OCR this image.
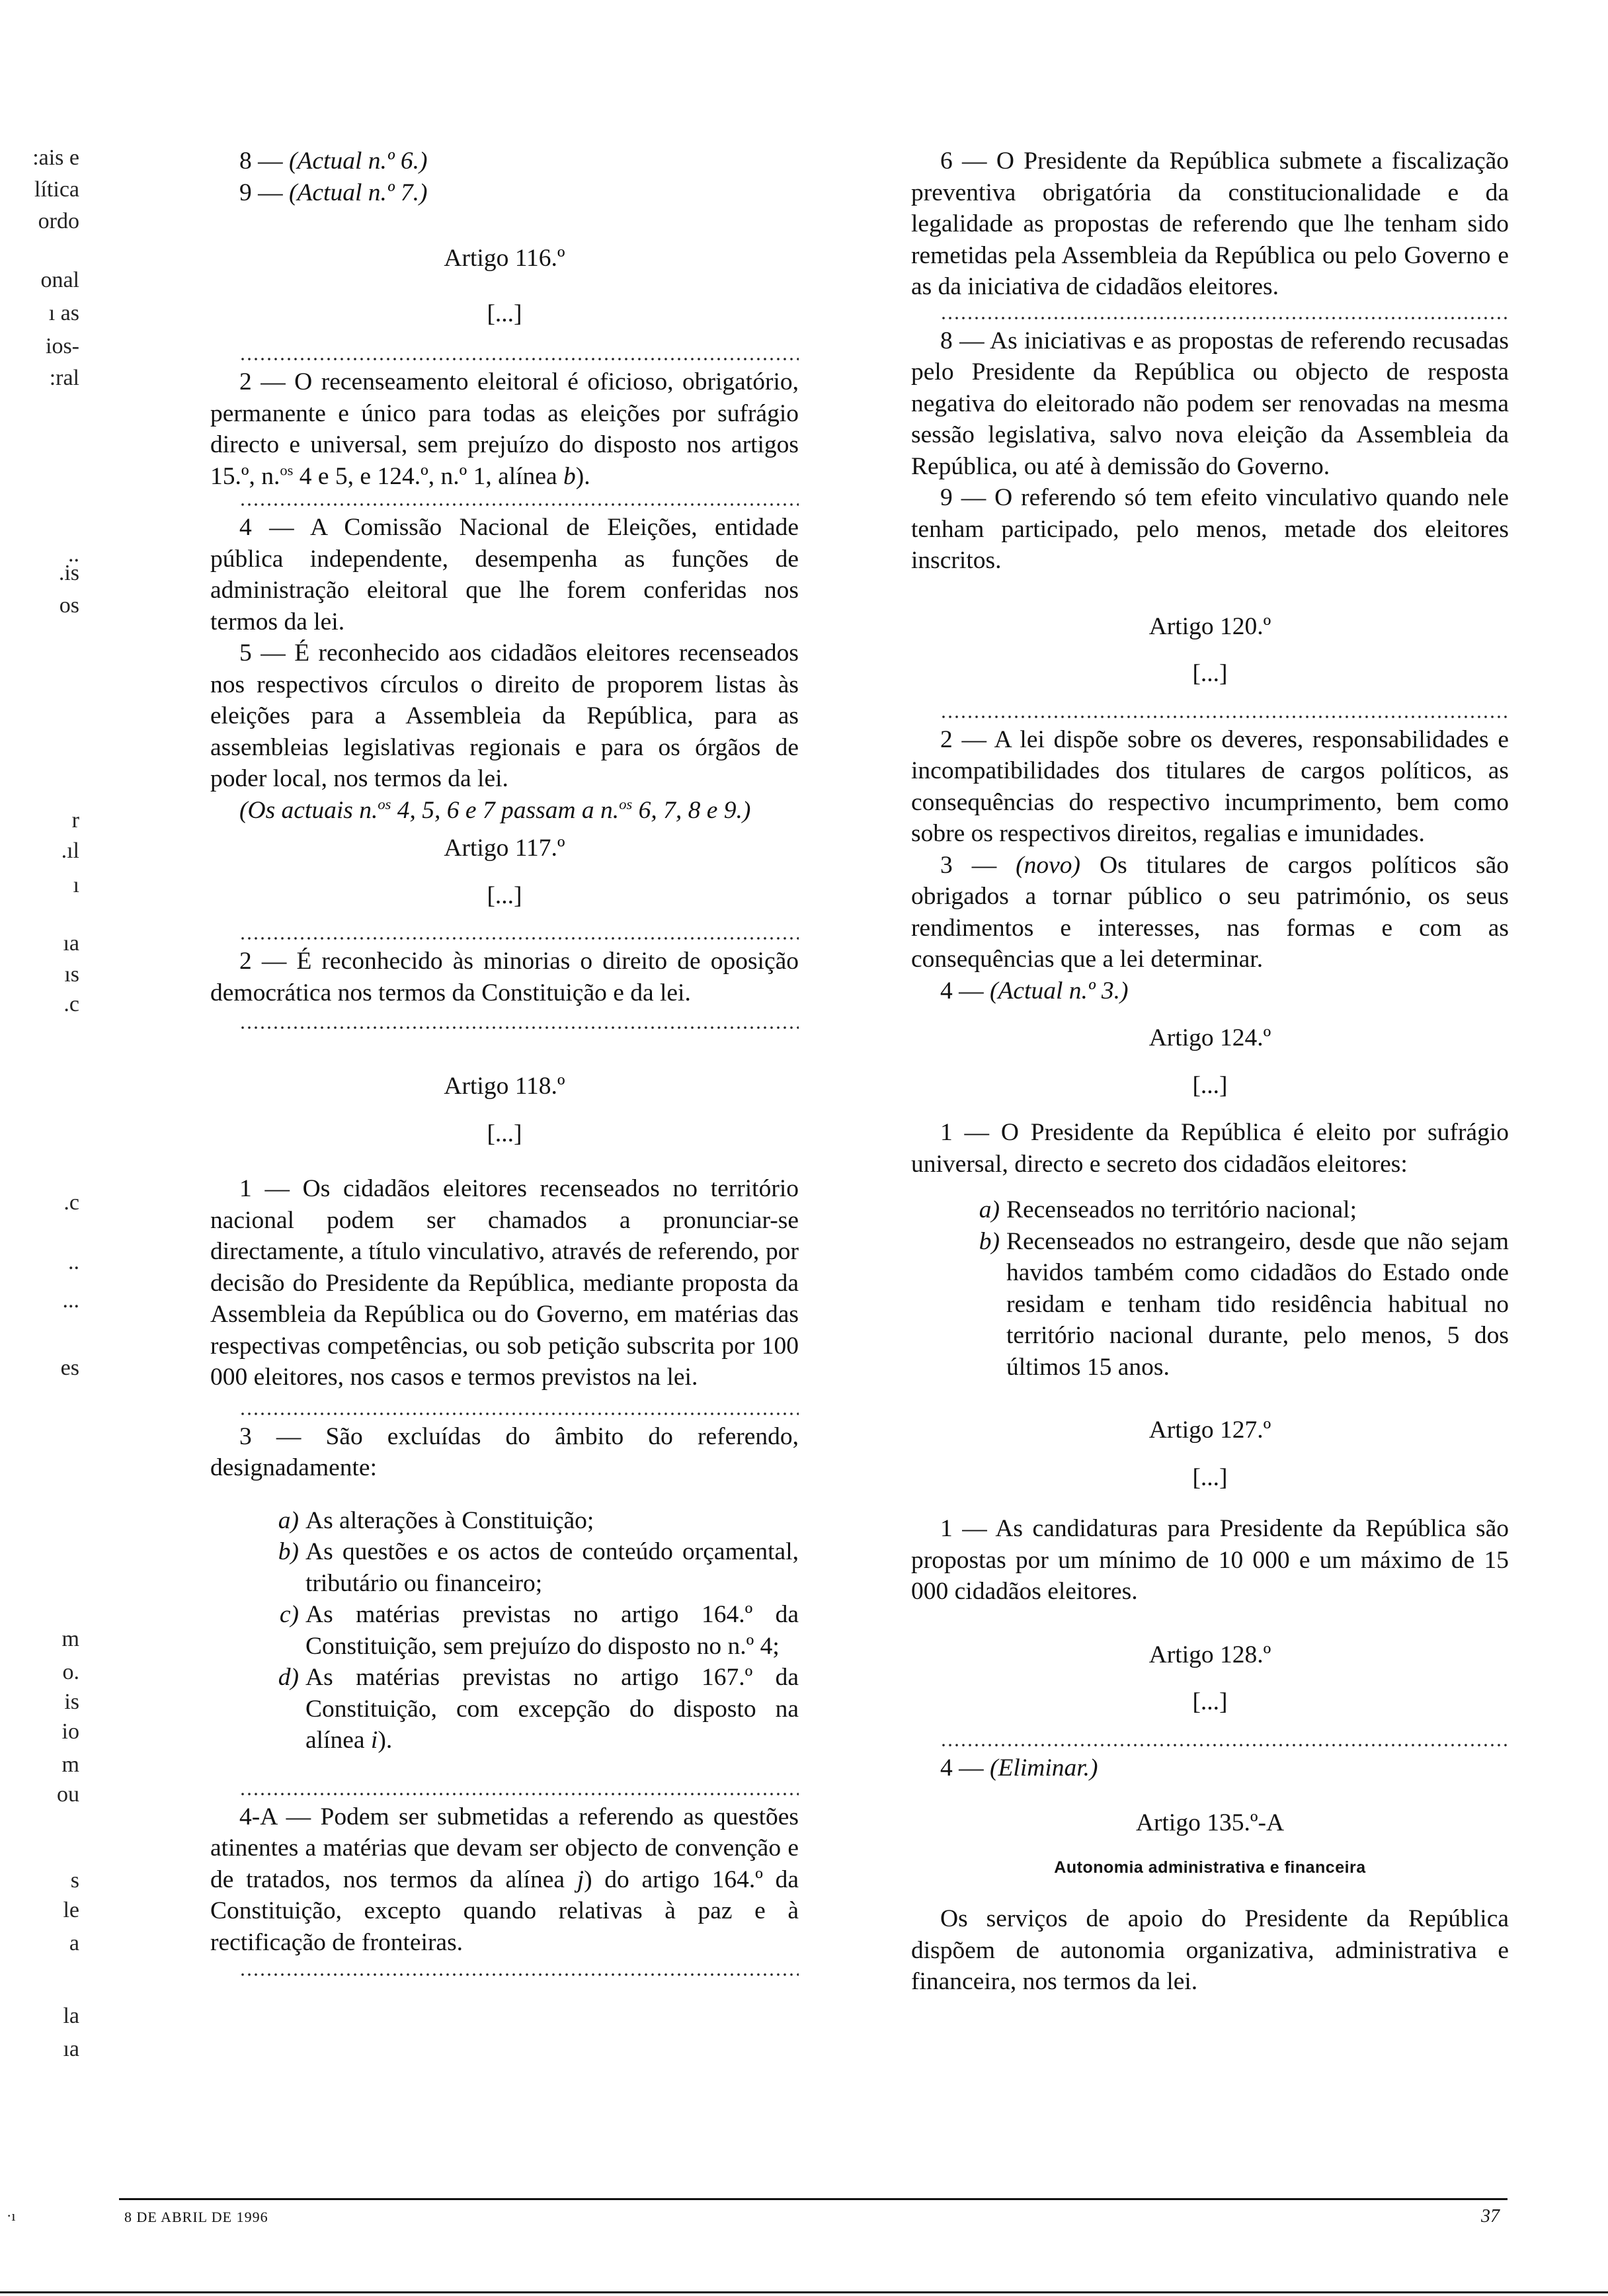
:ais e
lítica
ordo
onal
ı as
ios-
:ral
..
.is
os
r
.ıl
ı
ıa
ıs
.c
.c
..
...
es
m
o.
is
io
m
ou
s
le
a
la
ıa

8 — (Actual n.º 6.)

9 — (Actual n.º 7.)

Artigo 116.º

[...]

2 — O recenseamento eleitoral é oficioso, obrigatório, permanente e único para todas as eleições por sufrágio directo e universal, sem prejuízo do disposto nos artigos 15.º, n.$^{os}$ 4 e 5, e 124.º, n.º 1, alínea b).

4 — A Comissão Nacional de Eleições, entidade pública independente, desempenha as funções de administração eleitoral que lhe forem conferidas nos termos da lei.

5 — É reconhecido aos cidadãos eleitores recenseados nos respectivos círculos o direito de proporem listas às eleições para a Assembleia da República, para as assembleias legislativas regionais e para os órgãos de poder local, nos termos da lei.

(Os actuais n.$^{os}$ 4, 5, 6 e 7 passam a n.$^{os}$ 6, 7, 8 e 9.)

Artigo 117.º

[...]

2 — É reconhecido às minorias o direito de oposição democrática nos termos da Constituição e da lei.

Artigo 118.º

[...]

1 — Os cidadãos eleitores recenseados no território nacional podem ser chamados a pronunciar-se directamente, a título vinculativo, através de referendo, por decisão do Presidente da República, mediante proposta da Assembleia da República ou do Governo, em matérias das respectivas competências, ou sob petição subscrita por 100 000 eleitores, nos casos e termos previstos na lei.

3 — São excluídas do âmbito do referendo, designadamente:

a) As alterações à Constituição;
b) As questões e os actos de conteúdo orçamental, tributário ou financeiro;
c) As matérias previstas no artigo 164.º da Constituição, sem prejuízo do disposto no n.º 4;
d) As matérias previstas no artigo 167.º da Constituição, com excepção do disposto na alínea i).

4-A — Podem ser submetidas a referendo as questões atinentes a matérias que devam ser objecto de convenção e de tratados, nos termos da alínea j) do artigo 164.º da Constituição, excepto quando relativas à paz e à rectificação de fronteiras.

6 — O Presidente da República submete a fiscalização preventiva obrigatória da constitucionalidade e da legalidade as propostas de referendo que lhe tenham sido remetidas pela Assembleia da República ou pelo Governo e as da iniciativa de cidadãos eleitores.

8 — As iniciativas e as propostas de referendo recusadas pelo Presidente da República ou objecto de resposta negativa do eleitorado não podem ser renovadas na mesma sessão legislativa, salvo nova eleição da Assembleia da República, ou até à demissão do Governo.

9 — O referendo só tem efeito vinculativo quando nele tenham participado, pelo menos, metade dos eleitores inscritos.

Artigo 120.º

[...]

2 — A lei dispõe sobre os deveres, responsabilidades e incompatibilidades dos titulares de cargos políticos, as consequências do respectivo incumprimento, bem como sobre os respectivos direitos, regalias e imunidades.

3 — (novo) Os titulares de cargos políticos são obrigados a tornar público o seu património, os seus rendimentos e interesses, nas formas e com as consequências que a lei determinar.

4 — (Actual n.º 3.)

Artigo 124.º

[...]

1 — O Presidente da República é eleito por sufrágio universal, directo e secreto dos cidadãos eleitores:

a) Recenseados no território nacional;
b) Recenseados no estrangeiro, desde que não sejam havidos também como cidadãos do Estado onde residam e tenham tido residência habitual no território nacional durante, pelo menos, 5 dos últimos 15 anos.

Artigo 127.º

[...]

1 — As candidaturas para Presidente da República são propostas por um mínimo de 10 000 e um máximo de 15 000 cidadãos eleitores.

Artigo 128.º

[...]

4 — (Eliminar.)

Artigo 135.º-A

Autonomia administrativa e financeira

Os serviços de apoio do Presidente da República dispõem de autonomia organizativa, administrativa e financeira, nos termos da lei.

·ı	8 DE ABRIL DE 1996	37
